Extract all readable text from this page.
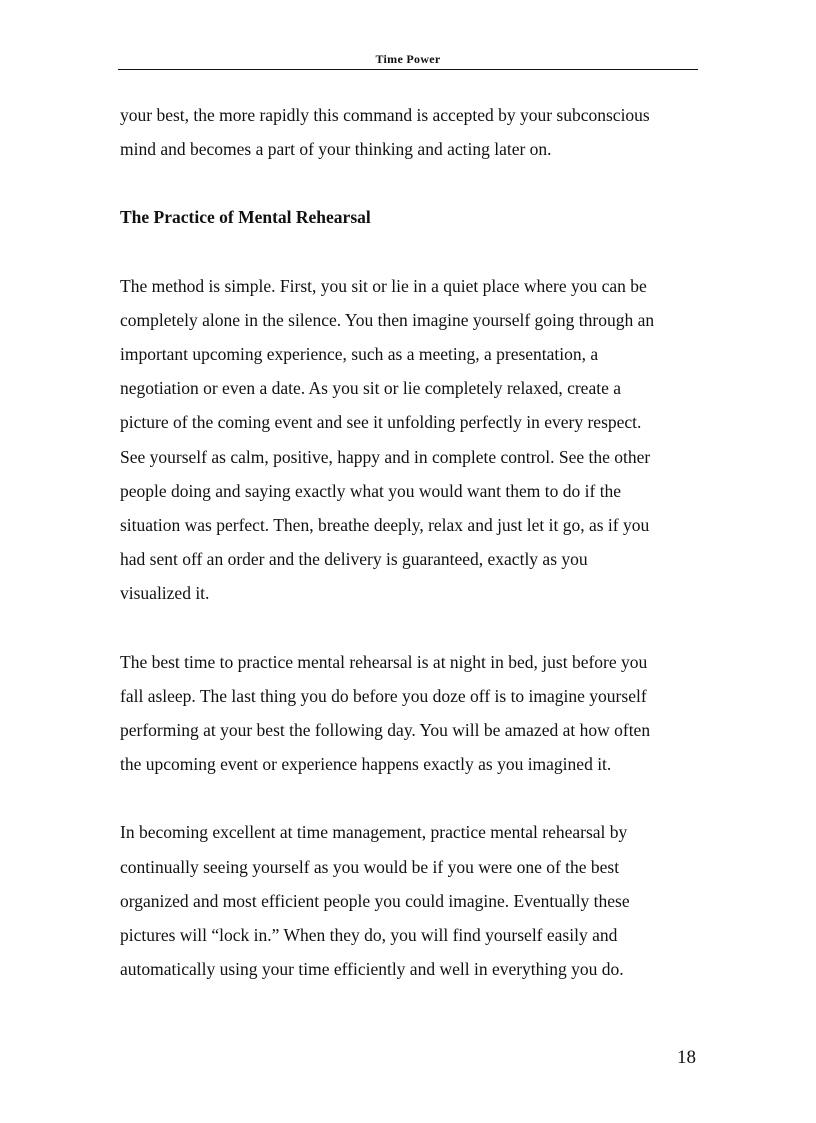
Time Power

your best, the more rapidly this command is accepted by your subconscious
mind and becomes a part of your thinking and acting later on.

The Practice of Mental Rehearsal

The method is simple. First, you sit or lie in a quiet place where you can be
completely alone in the silence. You then imagine yourself going through an
important upcoming experience, such as a meeting, a presentation, a
negotiation or even a date. As you sit or lie completely relaxed, create a
picture of the coming event and see it unfolding perfectly in every respect.
See yourself as calm, positive, happy and in complete control. See the other
people doing and saying exactly what you would want them to do if the
situation was perfect. Then, breathe deeply, relax and just let it go, as if you
had sent off an order and the delivery is guaranteed, exactly as you
visualized it.

The best time to practice mental rehearsal is at night in bed, just before you
fall asleep. The last thing you do before you doze off is to imagine yourself
performing at your best the following day. You will be amazed at how often
the upcoming event or experience happens exactly as you imagined it.

In becoming excellent at time management, practice mental rehearsal by
continually seeing yourself as you would be if you were one of the best
organized and most efficient people you could imagine. Eventually these
pictures will “lock in.” When they do, you will find yourself easily and
automatically using your time efficiently and well in everything you do.

18
